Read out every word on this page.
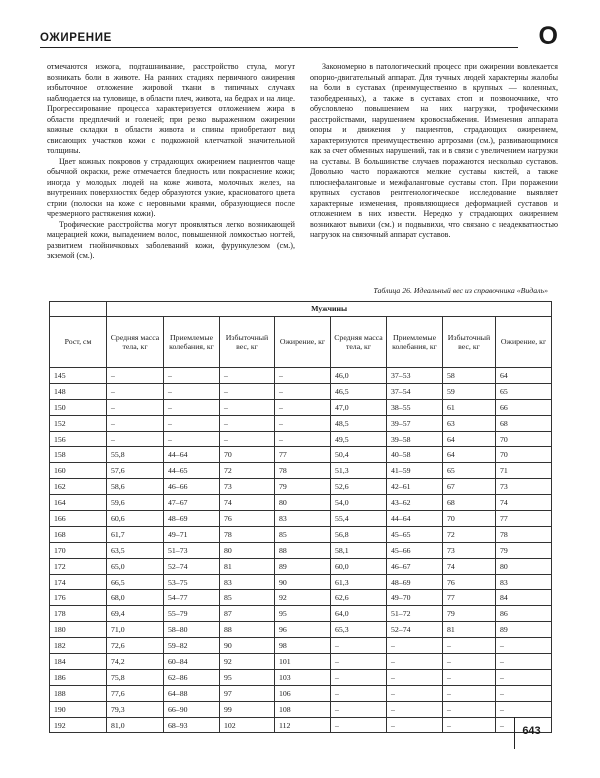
ОЖИРЕНИЕ	О

отмечаются изжога, подташнивание, расстройство стула, могут возникать боли в животе. На ранних стадиях первичного ожирения избыточное отложение жировой ткани в типичных случаях наблюдается на туловище, в области плеч, живота, на бедрах и на лице. Прогрессирование процесса характеризуется отложением жира в области предплечий и голеней; при резко выраженном ожирении кожные складки в области живота и спины приобретают вид свисающих участков кожи с подкожной клетчаткой значительной толщины.

Цвет кожных покровов у страдающих ожирением пациентов чаще обычной окраски, реже отмечается бледность или покраснение кожи; иногда у молодых людей на коже живота, молочных желез, на внутренних поверхностях бедер образуются узкие, красноватого цвета стрии (полоски на коже с неровными краями, образующиеся после чрезмерного растяжения кожи).

Трофические расстройства могут проявляться легко возникающей мацерацией кожи, выпадением волос, повышенной ломкостью ногтей, развитием гнойничковых заболеваний кожи, фурункулезом (см.), экземой (см.).

Закономерно в патологический процесс при ожирении вовлекается опорно-двигательный аппарат. Для тучных людей характерны жалобы на боли в суставах (преимущественно в крупных — коленных, тазобедренных), а также в суставах стоп и позвоночнике, что обусловлено повышением на них нагрузки, трофическими расстройствами, нарушением кровоснабжения. Изменения аппарата опоры и движения у пациентов, страдающих ожирением, характеризуются преимущественно артрозами (см.), развивающимися как за счет обменных нарушений, так и в связи с увеличением нагрузки на суставы. В большинстве случаев поражаются несколько суставов. Довольно часто поражаются мелкие суставы кистей, а также плюснефаланговые и межфаланговые суставы стоп. При поражении крупных суставов рентгенологическое исследование выявляет характерные изменения, проявляющиеся деформацией суставов и отложением в них извести. Нередко у страдающих ожирением возникают вывихи (см.) и подвывихи, что связано с неадекватностью нагрузок на связочный аппарат суставов.

Таблица 26. Идеальный вес из справочника «Видаль»
	Мужчины							
Рост, см	Средняя масса тела, кг	Приемлемые колебания, кг	Избыточный вес, кг	Ожирение, кг	Средняя масса тела, кг	Приемлемые колебания, кг	Избыточный вес, кг	Ожирение, кг
145	–	–	–	–	46,0	37–53	58	64
148	–	–	–	–	46,5	37–54	59	65
150	–	–	–	–	47,0	38–55	61	66
152	–	–	–	–	48,5	39–57	63	68
156	–	–	–	–	49,5	39–58	64	70
158	55,8	44–64	70	77	50,4	40–58	64	70
160	57,6	44–65	72	78	51,3	41–59	65	71
162	58,6	46–66	73	79	52,6	42–61	67	73
164	59,6	47–67	74	80	54,0	43–62	68	74
166	60,6	48–69	76	83	55,4	44–64	70	77
168	61,7	49–71	78	85	56,8	45–65	72	78
170	63,5	51–73	80	88	58,1	45–66	73	79
172	65,0	52–74	81	89	60,0	46–67	74	80
174	66,5	53–75	83	90	61,3	48–69	76	83
176	68,0	54–77	85	92	62,6	49–70	77	84
178	69,4	55–79	87	95	64,0	51–72	79	86
180	71,0	58–80	88	96	65,3	52–74	81	89
182	72,6	59–82	90	98	–	–	–	–
184	74,2	60–84	92	101	–	–	–	–
186	75,8	62–86	95	103	–	–	–	–
188	77,6	64–88	97	106	–	–	–	–
190	79,3	66–90	99	108	–	–	–	–
192	81,0	68–93	102	112	–	–	–	–	643
